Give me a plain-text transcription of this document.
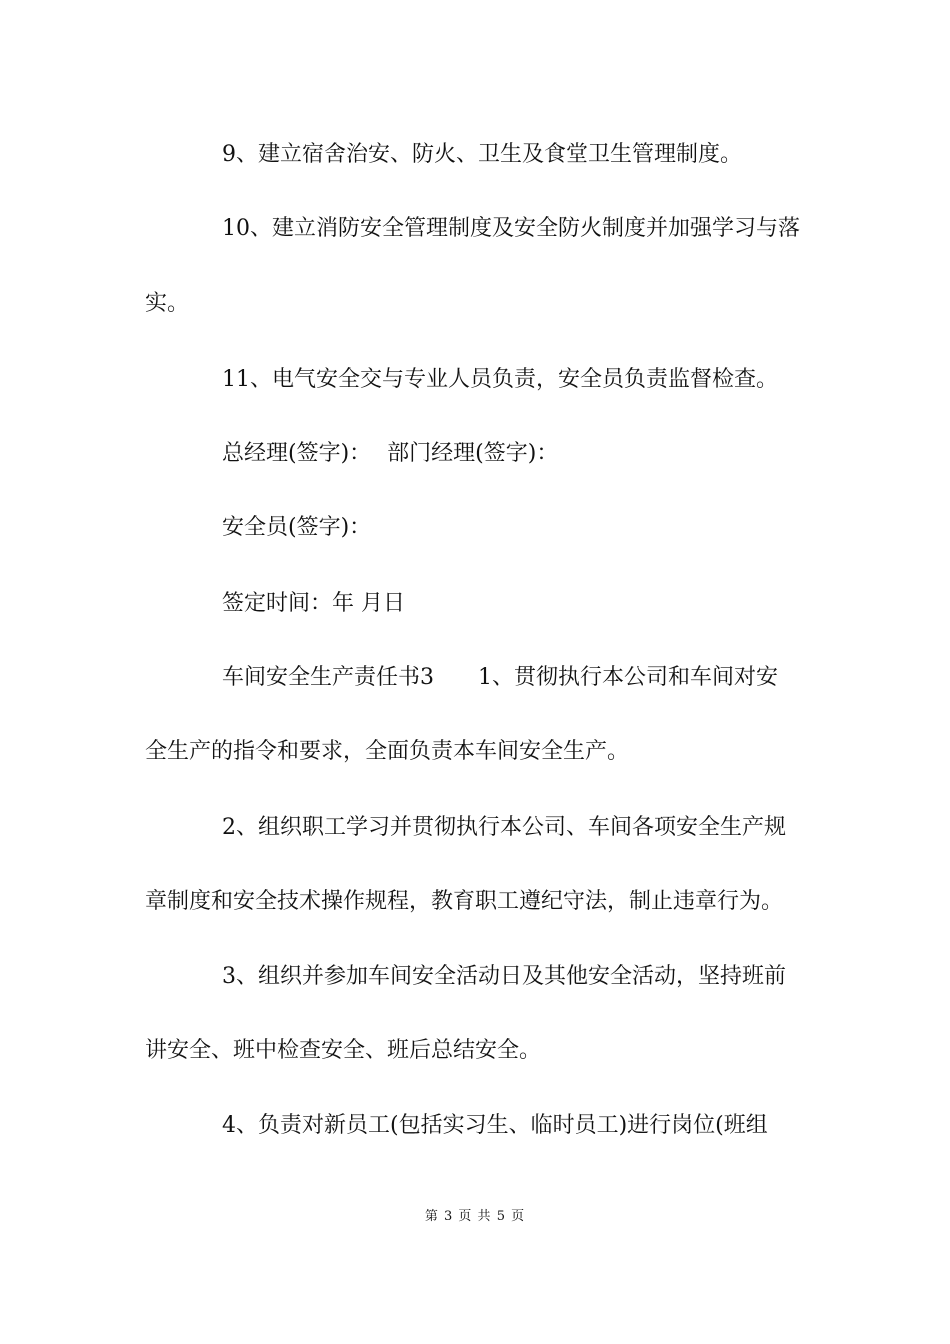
9、建立宿舍治安、防火、卫生及食堂卫生管理制度。
10、建立消防安全管理制度及安全防火制度并加强学习与落
实。
11、电气安全交与专业人员负责，安全员负责监督检查。
总经理(签字)： 部门经理(签字)：
安全员(签字)：
签定时间：年 月日
车间安全生产责任书3 1、贯彻执行本公司和车间对安
全生产的指令和要求，全面负责本车间安全生产。
2、组织职工学习并贯彻执行本公司、车间各项安全生产规
章制度和安全技术操作规程，教育职工遵纪守法，制止违章行为。
3、组织并参加车间安全活动日及其他安全活动，坚持班前
讲安全、班中检查安全、班后总结安全。
4、负责对新员工(包括实习生、临时员工)进行岗位(班组
第 3 页 共 5 页
